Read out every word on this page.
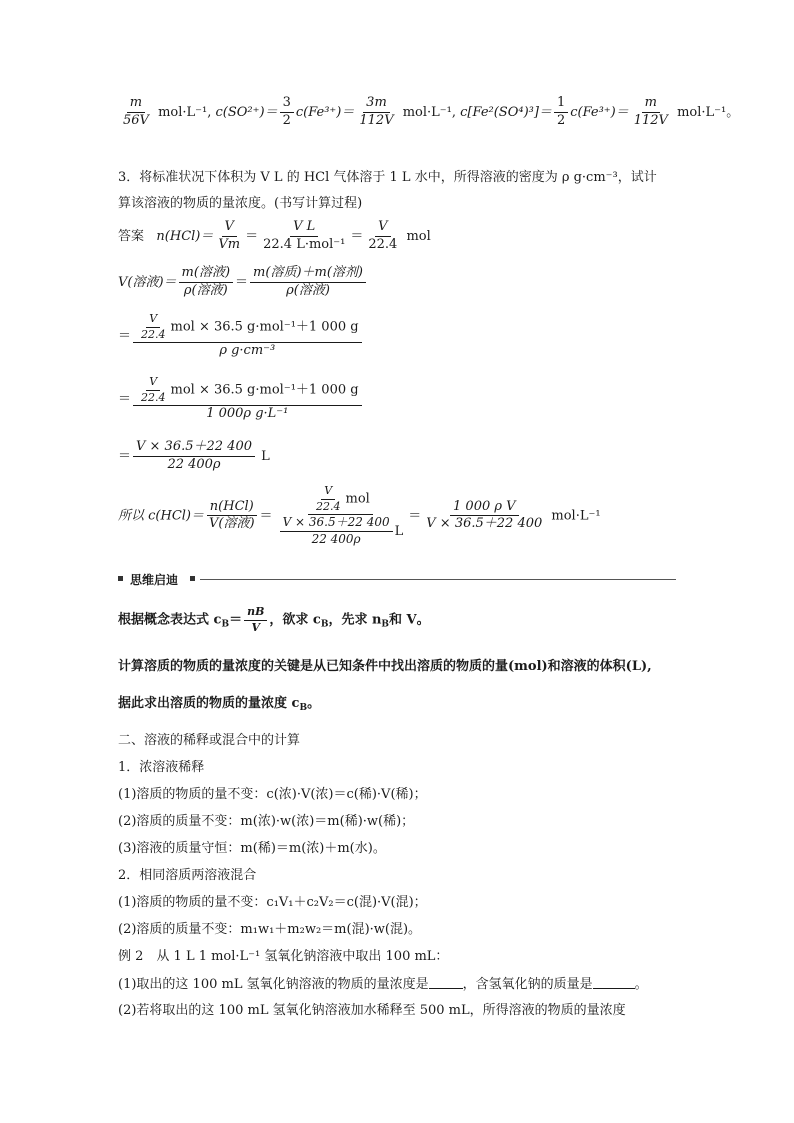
$\frac{m}{56V} mol\cdot L^{-1}$, $c(SO^{2+})= \frac{3}{2} c(Fe^{3+})= \frac{3m}{112V} mol\cdot L^{-1}$, $c[Fe^2(SO^4)^3]= \frac{1}{2} c(Fe^{3+})= \frac{m}{112V} mol\cdot L^{-1}$。
3．将标准状况下体积为 V L 的 HCl 气体溶于 1 L 水中，所得溶液的密度为 ρ g·cm⁻³，试计
算该溶液的物质的量浓度。(书写计算过程)
答案 $n(HCl)= \frac{V}{Vm} = \frac{\text{V L}}{\text{22.4 L·mol⁻¹}} = \frac{V}{22.4}$ mol
V(溶液)＝ $\frac{\text{m(溶液)}}{\text{ρ(溶液)}} = \frac{\text{m(溶质)＋m(溶剂)}}{\text{ρ(溶液)}}$
＝ $\frac{\frac{V}{22.4} mol \times 36.5 g\cdot mol^{-1}+1 000 g}{\text{ρ g·cm⁻³}}$
＝ $\frac{\frac{V}{22.4} mol \times 36.5 g\cdot mol^{-1}+1 000 g}{\text{1 000ρ g·L⁻¹}}$
＝ $\frac{V \times 36.5+22 400}{22 400\rho}$ L
所以 $c(HCl)= \frac{\text{n(HCl)}}{\text{V(溶液)}} = \frac{\frac{V}{22.4} mol}{\frac{V \times 36.5+22 400}{22 400\rho} L} = \frac{\text{1 000 ρ V}}{V \times 36.5+22 400} mol\cdot L^{-1}$
思维启迪
根据概念表达式 $c_B= \frac{nB}{V}$ ，欲求 $c_B$，先求 $n_B$和 V。
计算溶质的物质的量浓度的关键是从已知条件中找出溶质的物质的量(mol)和溶液的体积(L),
据此求出溶质的物质的量浓度 $c_B$。
二、溶液的稀释或混合中的计算
1．浓溶液稀释
(1)溶质的物质的量不变：c(浓)·V(浓)＝c(稀)·V(稀)；
(2)溶质的质量不变：m(浓)·w(浓)＝m(稀)·w(稀)；
(3)溶液的质量守恒：m(稀)＝m(浓)＋m(水)。
2．相同溶质两溶液混合
(1)溶质的物质的量不变：c₁V₁＋c₂V₂＝c(混)·V(混)；
(2)溶质的质量不变：m₁w₁＋m₂w₂＝m(混)·w(混)。
例 2　从 1 L 1 mol·L⁻¹ 氢氧化钠溶液中取出 100 mL：
(1)取出的这 100 mL 氢氧化钠溶液的物质的量浓度是	，含氢氧化钠的质量是	。
(2)若将取出的这 100 mL 氢氧化钠溶液加水稀释至 500 mL，所得溶液的物质的量浓度
